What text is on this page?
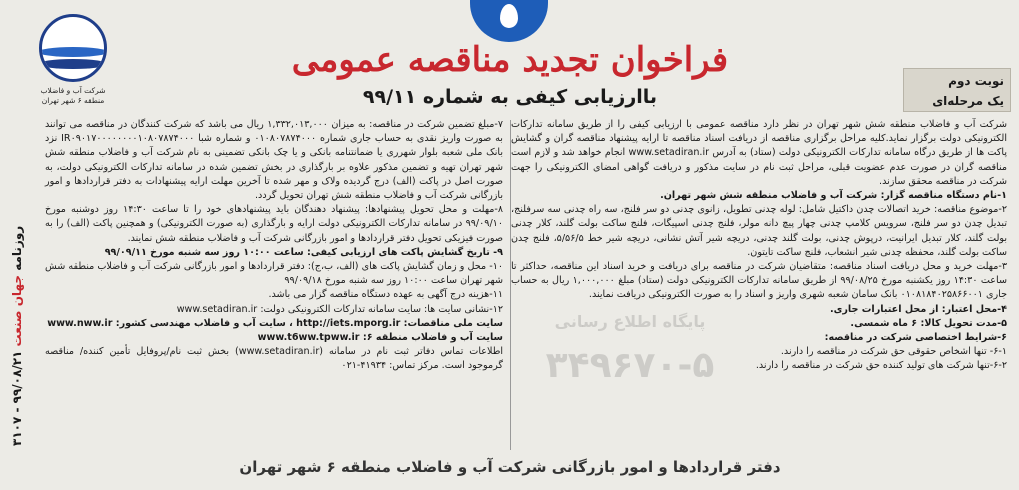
شرکت آب و فاضلاب
منطقه ۶ شهر تهران
فراخوان تجدید مناقصه عمومی
باارزیابی کیفی به شماره ۹۹/۱۱
نوبت دوم
یک مرحله‌ای

شرکت آب و فاضلاب منطقه شش شهر تهران در نظر دارد مناقصه عمومی با ارزیابی کیفی را از طریق سامانه تدارکات الکترونیکی دولت برگزار نماید.کلیه مراحل برگزاری مناقصه از دریافت اسناد مناقصه تا ارایه پیشنهاد مناقصه گران و گشایش پاکت ها از طریق درگاه سامانه تدارکات الکترونیکی دولت (ستاد) به آدرس www.setadiran.ir انجام خواهد شد و لازم است مناقصه گران در صورت عدم عضویت قبلی، مراحل ثبت نام در سایت مذکور و دریافت گواهی امضای الکترونیکی را جهت شرکت در مناقصه محقق سازند.

۱-نام دستگاه مناقصه گزار: شرکت آب و فاضلاب منطقه شش شهر تهران.

۲-موضوع مناقصه: خرید اتصالات چدن داکتیل شامل: لوله چدنی تطویل، زانوی چدنی دو سر فلنج، سه راه چدنی سه سرفلنج، تبدیل چدن دو سر فلنج، سرویس کلامپ چدنی چهار پیچ دانه مولر، فلنج چدنی اسپیگات، فلنج ساکت بولت گلند، کلار چدنی بولت گلند، کلار تبدیل ایرانیت، درپوش چدنی، بولت گلند چدنی، دریچه شیر آتش نشانی، دریچه شیر خط ۵/۵۶/۵، فلنج چدن ساکت بولت گلند، محفظه چدنی شیر انشعاب، فلنج ساکت تایتون.

۳-مهلت خرید و محل دریافت اسناد مناقصه: متقاضیان شرکت در مناقصه برای دریافت و خرید اسناد این مناقصه، حداکثر تا ساعت ۱۴:۳۰ روز یکشنبه مورخ ۹۹/۰۸/۲۵ از طریق سامانه تدارکات الکترونیکی دولت (ستاد) مبلغ ۱,۰۰۰,۰۰۰ ریال به حساب جاری ۰۱۰۸۱۸۴۰۲۵۸۶۶۰۰۱ بانک سامان شعبه شهری واریز و اسناد را به صورت الکترونیکی دریافت نمایند.

۴-محل اعتبار: از محل اعتبارات جاری.

۵-مدت تحویل کالا: ۶ ماه شمسی.

۶-شرایط اختصاصی شرکت در مناقصه:

۶-۱- تنها اشخاص حقوقی حق شرکت در مناقصه را دارند.

۶-۲-تنها شرکت های تولید کننده حق شرکت در مناقصه را دارند.

۷-مبلغ تضمین شرکت در مناقصه: به میزان ۱,۳۳۲,۰۱۳,۰۰۰ ریال می باشد که شرکت کنندگان در مناقصه می توانند به صورت واریز نقدی به حساب جاری شماره ۰۱۰۸۰۷۸۷۴۰۰۰ و شماره شبا IR۰۹۰۱۷۰۰۰۰۰۰۰۰۱۰۸۰۷۸۷۴۰۰۰ نزد بانک ملی شعبه بلوار شهرری یا ضمانتنامه بانکی و یا چک بانکی تضمینی به نام شرکت آب و فاضلاب منطقه شش شهر تهران تهیه و تضمین مذکور علاوه بر بارگذاری در بخش تضمین شده در سامانه تدارکات الکترونیکی دولت، به صورت اصل در پاکت (الف) درج گردیده ولاک و مهر شده تا آخرین مهلت ارایه پیشنهادات به دفتر قراردادها و امور بازرگانی شرکت آب و فاضلاب منطقه شش تهران تحویل گردد.

۸-مهلت و محل تحویل پیشنهادها: پیشنهاد دهندگان باید پیشنهادهای خود را تا ساعت ۱۴:۳۰ روز دوشنبه مورخ ۹۹/۰۹/۱۰ در سامانه تدارکات الکترونیکی دولت ارایه و بارگذاری (به صورت الکترونیکی) و همچنین پاکت (الف) را به صورت فیزیکی تحویل دفتر قراردادها و امور بازرگانی شرکت آب و فاضلاب منطقه شش نمایند.

۹- تاریخ گشایش پاکت های ارزیابی کیفی: ساعت ۱۰:۰۰ روز سه شنبه مورخ ۹۹/۰۹/۱۱

۱۰- محل و زمان گشایش پاکت های (الف، ب،ج): دفتر قراردادها و امور بازرگانی شرکت آب و فاضلاب منطقه شش شهر تهران ساعت ۱۰:۰۰ روز سه شنبه مورخ ۹۹/۰۹/۱۸

۱۱-هزینه درج آگهی به عهده دستگاه مناقصه گزار می باشد.

۱۲-نشانی سایت ها: سایت سامانه تدارکات الکترونیکی دولت: www.setadiran.ir

سایت ملی مناقصات: http://iets.mporg.ir ، سایت آب و فاضلاب مهندسی کشور: www.nww.ir

سایت آب و فاضلاب منطقه ۶: www.t6ww.tpww.ir

اطلاعات تماس دفاتر ثبت نام در سامانه (www.setadiran.ir) بخش ثبت نام/پروفایل تأمین کننده/ مناقصه گرموجود است. مرکز تماس: ۴۱۹۳۴-۰۲۱

پایگاه اطلاع رسانی
۳۴۹۶۷۰-۵
روزنامه جهان صنعت ۹۹/۰۸/۲۱ - ۳۱۰۷
دفتر قراردادها و امور بازرگانی شرکت آب و فاضلاب منطقه ۶ شهر تهران
